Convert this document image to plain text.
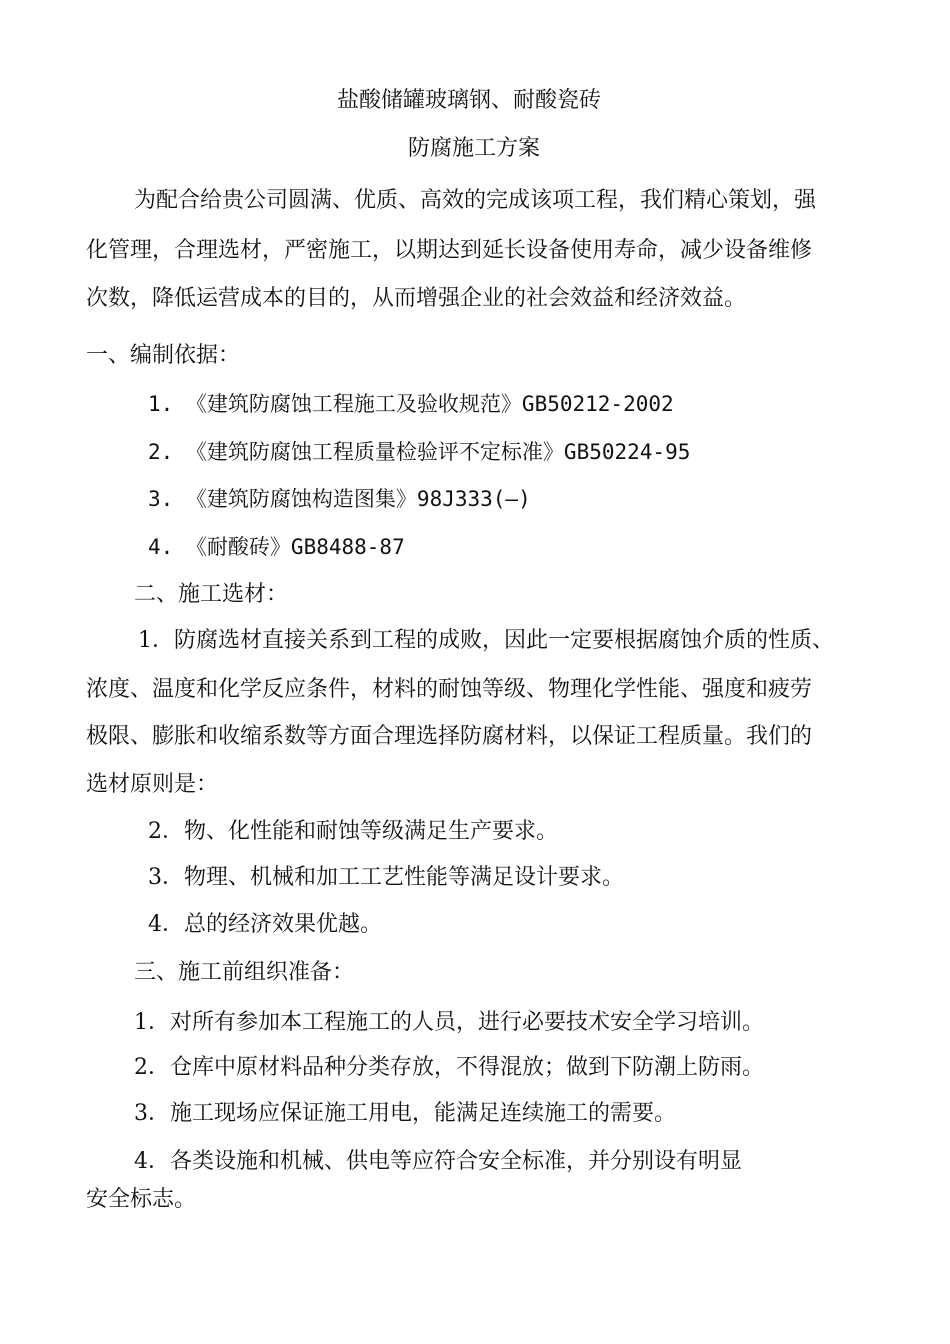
盐酸储罐玻璃钢、耐酸瓷砖
防腐施工方案
为配合给贵公司圆满、优质、高效的完成该项工程，我们精心策划，强
化管理，合理选材，严密施工，以期达到延长设备使用寿命，减少设备维修
次数，降低运营成本的目的，从而增强企业的社会效益和经济效益。
一、编制依据：
1. 《建筑防腐蚀工程施工及验收规范》GB50212-2002
2. 《建筑防腐蚀工程质量检验评不定标准》GB50224-95
3. 《建筑防腐蚀构造图集》98J333(—)
4. 《耐酸砖》GB8488-87
二、施工选材：
1．防腐选材直接关系到工程的成败，因此一定要根据腐蚀介质的性质、
浓度、温度和化学反应条件，材料的耐蚀等级、物理化学性能、强度和疲劳
极限、膨胀和收缩系数等方面合理选择防腐材料，以保证工程质量。我们的
选材原则是：
2．物、化性能和耐蚀等级满足生产要求。
3．物理、机械和加工工艺性能等满足设计要求。
4．总的经济效果优越。
三、施工前组织准备：
1．对所有参加本工程施工的人员，进行必要技术安全学习培训。
2．仓库中原材料品种分类存放，不得混放；做到下防潮上防雨。
3．施工现场应保证施工用电，能满足连续施工的需要。
4．各类设施和机械、供电等应符合安全标准，并分别设有明显
安全标志。
